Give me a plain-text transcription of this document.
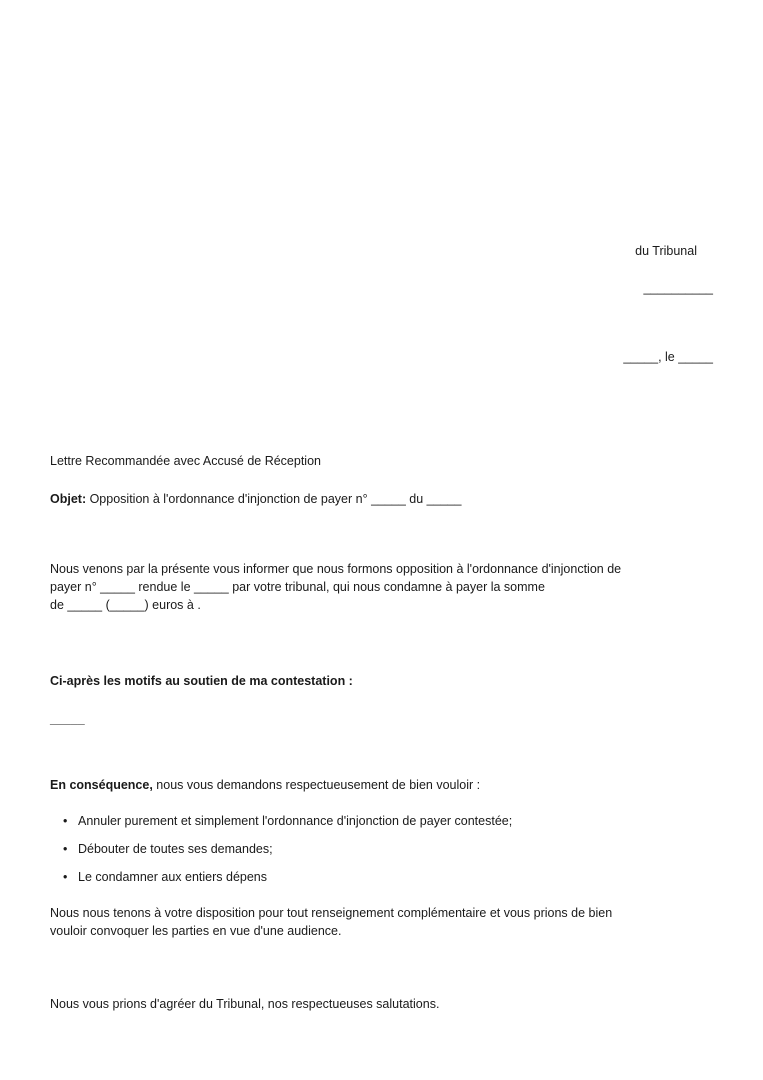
du Tribunal
__________
_____, le _____
Lettre Recommandée avec Accusé de Réception
Objet: Opposition à l'ordonnance d'injonction de payer n° _____ du _____
Nous venons par la présente vous informer que nous formons opposition à l'ordonnance d'injonction de
payer n° _____ rendue le _____ par votre tribunal, qui nous condamne à payer la somme
de _____ (_____) euros à .
Ci-après les motifs au soutien de ma contestation :
_____
En conséquence, nous vous demandons respectueusement de bien vouloir :
• Annuler purement et simplement l'ordonnance d'injonction de payer contestée;
• Débouter de toutes ses demandes;
• Le condamner aux entiers dépens
Nous nous tenons à votre disposition pour tout renseignement complémentaire et vous prions de bien
vouloir convoquer les parties en vue d'une audience.
Nous vous prions d'agréer du Tribunal, nos respectueuses salutations.
